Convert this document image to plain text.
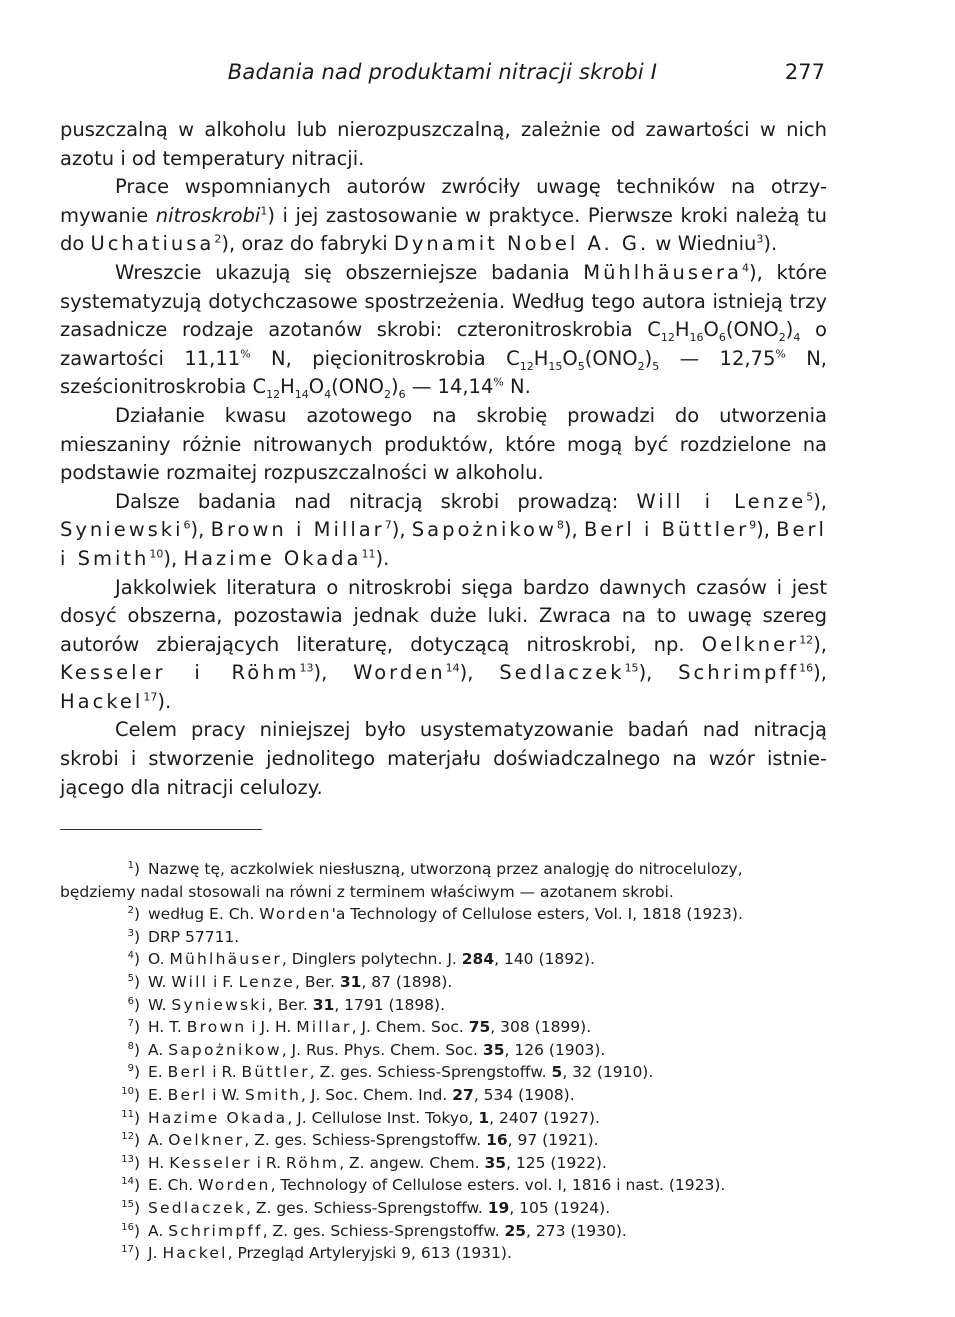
Badania nad produktami nitracji skrobi I	277

puszczalną w alkoholu lub nierozpuszczalną, zależnie od zawartości w nich azotu i od temperatury nitracji.

Prace wspomnianych autorów zwróciły uwagę techników na otrzy-mywanie nitroskrobi$^1$) i jej zastosowanie w praktyce. Pierwsze kroki należą tu do Uchatiusa$^2$), oraz do fabryki Dynamit Nobel A. G. w Wiedniu$^3$).

Wreszcie ukazują się obszerniejsze badania Mühlhäusera$^4$), które systematyzują dotychczasowe spostrzeżenia. Według tego autora istnieją trzy zasadnicze rodzaje azotanów skrobi: czteronitroskrobia $C_{12}H_{16}O_6(ONO_2)_4$ o zawartości 11,11% N, pięcionitroskrobia $C_{12}H_{15}O_5(ONO_2)_5$ — 12,75% N, sześcionitroskrobia $C_{12}H_{14}O_4(ONO_2)_6$ — 14,14% N.

Działanie kwasu azotowego na skrobię prowadzi do utworzenia mieszaniny różnie nitrowanych produktów, które mogą być rozdzielone na podstawie rozmaitej rozpuszczalności w alkoholu.

Dalsze badania nad nitracją skrobi prowadzą: Will i Lenze$^5$), Syniewski$^6$), Brown i Millar$^7$), Sapożnikow$^8$), Berl i Büttler$^9$), Berl i Smith$^{10}$), Hazime Okada$^{11}$).

Jakkolwiek literatura o nitroskrobi sięga bardzo dawnych czasów i jest dosyć obszerna, pozostawia jednak duże luki. Zwraca na to uwagę szereg autorów zbierających literaturę, dotyczącą nitroskrobi, np. Oelkner$^{12}$), Kesseler i Röhm$^{13}$), Worden$^{14}$), Sedlaczek$^{15}$), Schrimpff$^{16}$), Hackel$^{17}$).

Celem pracy niniejszej było usystematyzowanie badań nad nitracją skrobi i stworzenie jednolitego materjału doświadczalnego na wzór istnie-jącego dla nitracji celulozy.

$^1$) Nazwę tę, aczkolwiek niesłuszną, utworzoną przez analogję do nitrocelulozy,
będziemy nadal stosowali na równi z terminem właściwym — azotanem skrobi.
$^2$) według E. Ch. Worden'a Technology of Cellulose esters, Vol. I, 1818 (1923).
$^3$) DRP 57711.
$^4$) O. Mühlhäuser, Dinglers polytechn. J. 284, 140 (1892).
$^5$) W. Will i F. Lenze, Ber. 31, 87 (1898).
$^6$) W. Syniewski, Ber. 31, 1791 (1898).
$^7$) H. T. Brown i J. H. Millar, J. Chem. Soc. 75, 308 (1899).
$^8$) A. Sapożnikow, J. Rus. Phys. Chem. Soc. 35, 126 (1903).
$^9$) E. Berl i R. Büttler, Z. ges. Schiess-Sprengstoffw. 5, 32 (1910).
$^{10}$) E. Berl i W. Smith, J. Soc. Chem. Ind. 27, 534 (1908).
$^{11}$) Hazime Okada, J. Cellulose Inst. Tokyo, 1, 2407 (1927).
$^{12}$) A. Oelkner, Z. ges. Schiess-Sprengstoffw. 16, 97 (1921).
$^{13}$) H. Kesseler i R. Röhm, Z. angew. Chem. 35, 125 (1922).
$^{14}$) E. Ch. Worden, Technology of Cellulose esters. vol. I, 1816 i nast. (1923).
$^{15}$) Sedlaczek, Z. ges. Schiess-Sprengstoffw. 19, 105 (1924).
$^{16}$) A. Schrimpff, Z. ges. Schiess-Sprengstoffw. 25, 273 (1930).
$^{17}$) J. Hackel, Przegląd Artyleryjski 9, 613 (1931).
